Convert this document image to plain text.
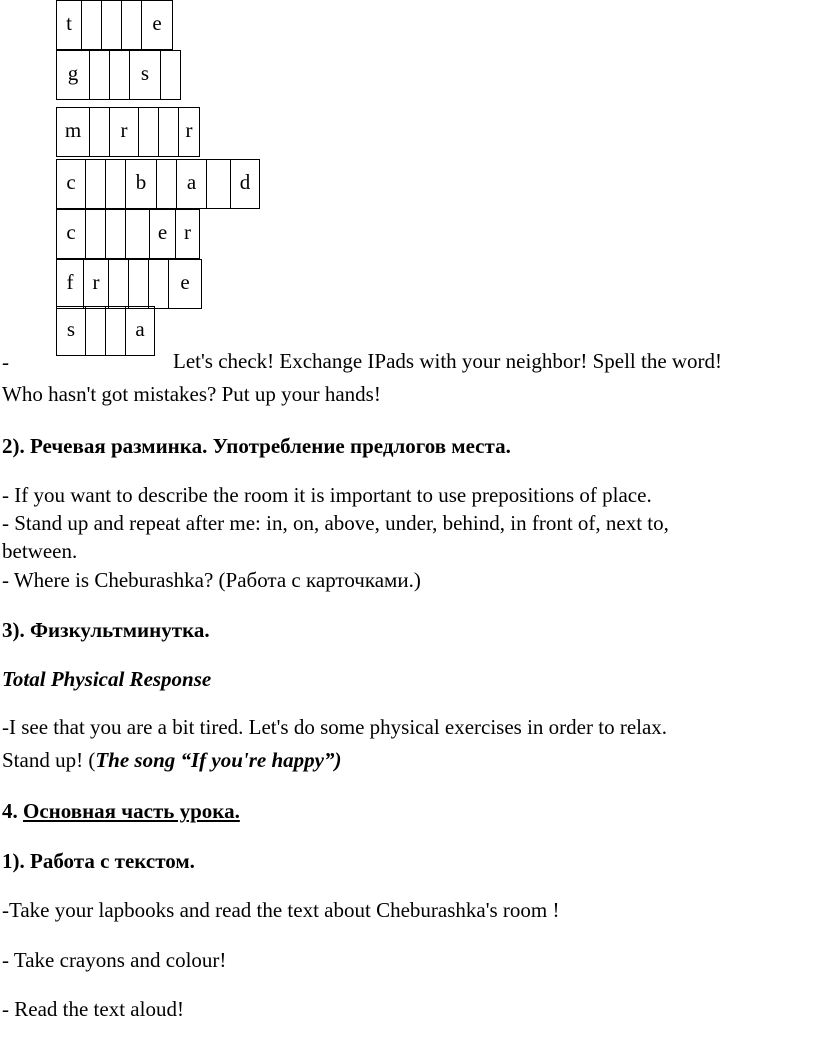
t	e
g	s
m r	r
c	b a d
c	e r
f r	e
s	a
-	Let's check! Exchange IPads with your neighbor! Spell the word!
Who hasn't got mistakes? Put up your hands!
2). Речевая разминка. Употребление предлогов места.
- If you want to describe the room it is important to use prepositions of place.
- Stand up and repeat after me: in, on, above, under, behind, in front of, next to,
between.
- Where is Cheburashka? (Работа с карточками.)
3). Физкультминутка.
Total Physical Response
-I see that you are a bit tired. Let's do some physical exercises in order to relax.
Stand up! (The song “If you're happy”)
4. Основная часть урока.
1). Работа с текстом.
-Take your lapbooks and read the text about Cheburashka's room !
- Take crayons and colour!
- Read the text aloud!
